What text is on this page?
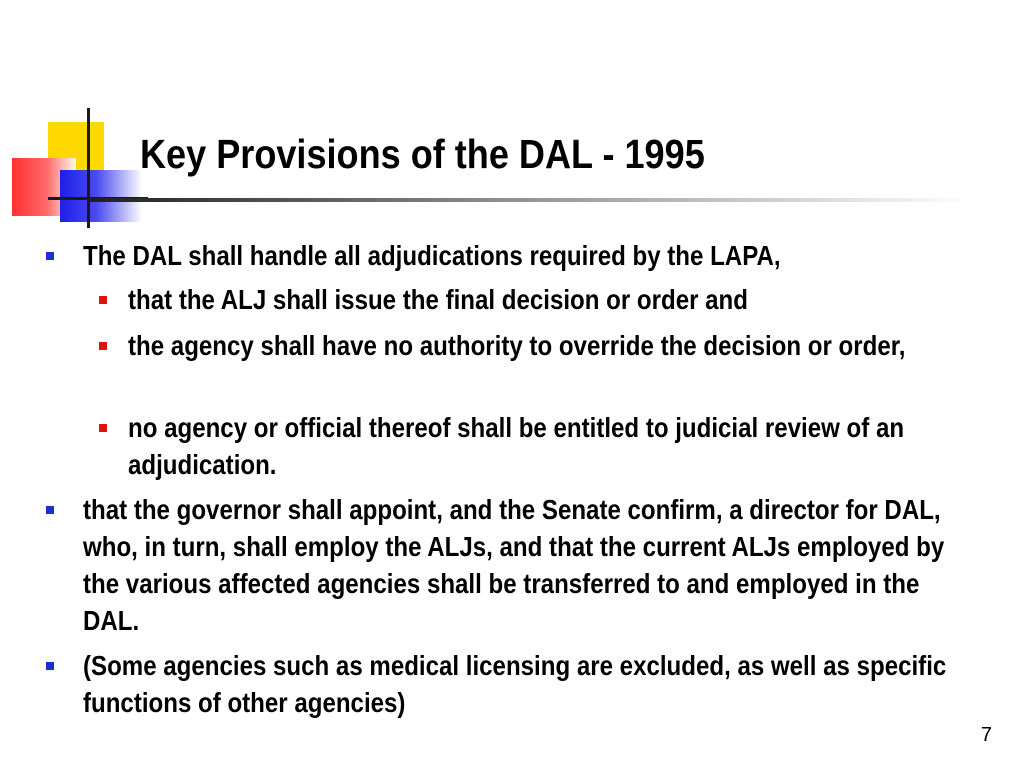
Key Provisions of the DAL - 1995
The DAL shall handle all adjudications required by the LAPA,
that the ALJ shall issue the final decision or order and
the agency shall have no authority to override the decision or order,
no agency or official thereof shall be entitled to judicial review of an adjudication.
that the governor shall appoint, and the Senate confirm, a director for DAL, who, in turn, shall employ the ALJs, and that the current ALJs employed by the various affected agencies shall be transferred to and employed in the DAL.
(Some agencies such as medical licensing are excluded, as well as specific functions of other agencies)
7
